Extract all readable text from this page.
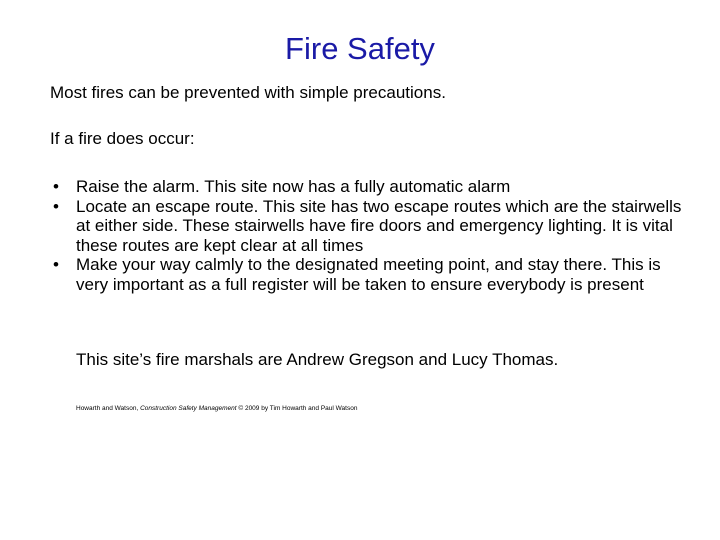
Fire Safety
Most fires can be prevented with simple precautions.
If a fire does occur:
• Raise the alarm. This site now has a fully automatic alarm
• Locate an escape route. This site has two escape routes which are the stairwells at either side. These stairwells have fire doors and emergency lighting. It is vital these routes are kept clear at all times
• Make your way calmly to the designated meeting point, and stay there. This is very important as a full register will be taken to ensure everybody is present
This site’s fire marshals are Andrew Gregson and Lucy Thomas.
Howarth and Watson, Construction Safety Management © 2009 by Tim Howarth and Paul Watson
